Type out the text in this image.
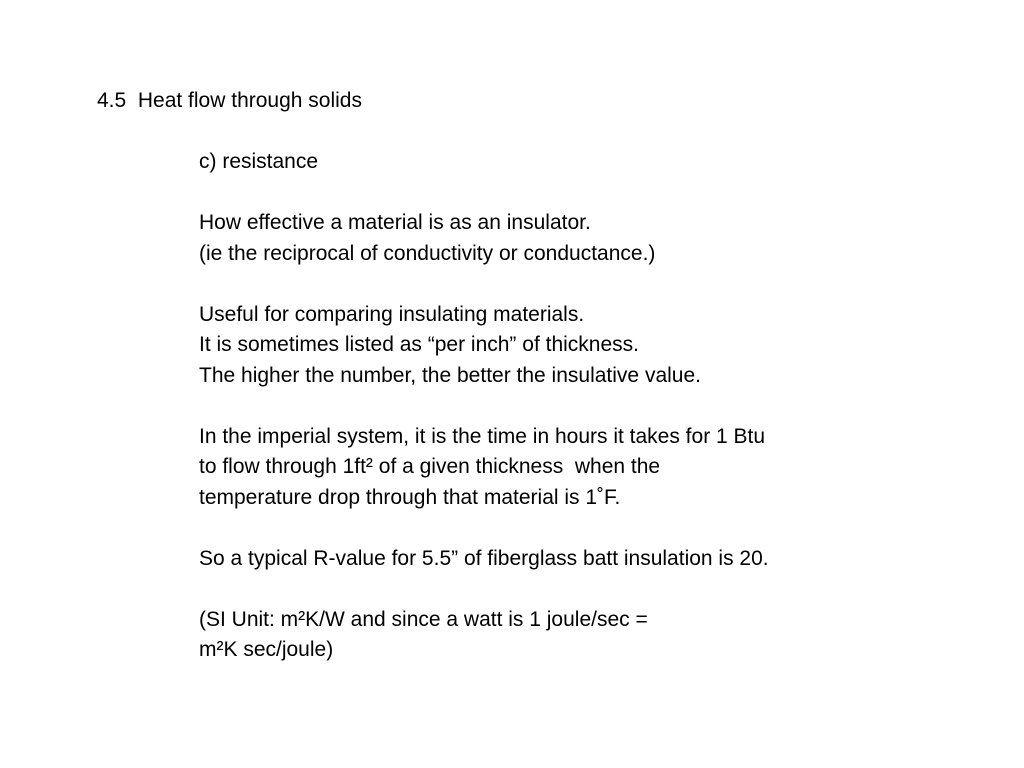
4.5  Heat flow through solids
c) resistance
How effective a material is as an insulator.
(ie the reciprocal of conductivity or conductance.)
Useful for comparing insulating materials.
It is sometimes listed as “per inch” of thickness.
The higher the number, the better the insulative value.
In the imperial system, it is the time in hours it takes for 1 Btu
to flow through 1ft² of a given thickness  when the
temperature drop through that material is 1˚F.
So a typical R-value for 5.5” of fiberglass batt insulation is 20.
(SI Unit: m²K/W and since a watt is 1 joule/sec =
m²K sec/joule)
